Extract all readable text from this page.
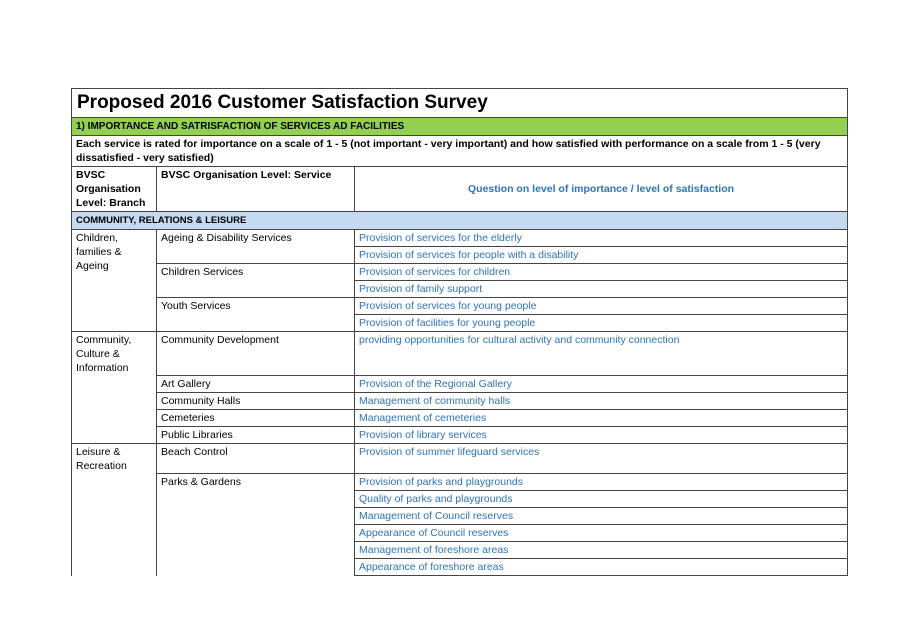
Proposed 2016 Customer Satisfaction Survey		
1) IMPORTANCE AND SATRISFACTION OF SERVICES AD FACILITIES		
Each service is rated for importance on a scale of 1 - 5 (not important - very important) and how satisfied with performance on a scale from 1 - 5 (very dissatisfied - very satisfied)		
BVSC Organisation Level: Branch	BVSC Organisation Level: Service	Question on level of importance / level of satisfaction
COMMUNITY, RELATIONS & LEISURE		
Children, families & Ageing	Ageing & Disability Services	Provision of services for the elderly
		Provision of services for people with a disability
	Children Services	Provision of services for children
		Provision of family support
	Youth Services	Provision of services for young people
		Provision of facilities for young people
Community, Culture & Information	Community Development	providing opportunities for cultural activity and community connection
	Art Gallery	Provision of the Regional Gallery
	Community Halls	Management of community halls
	Cemeteries	Management of cemeteries
	Public Libraries	Provision of library services
Leisure & Recreation	Beach Control	Provision of summer lifeguard services
	Parks & Gardens	Provision of parks and playgrounds
		Quality of parks and playgrounds
		Management of Council reserves
		Appearance of Council reserves
		Management of foreshore areas
		Appearance of foreshore areas
